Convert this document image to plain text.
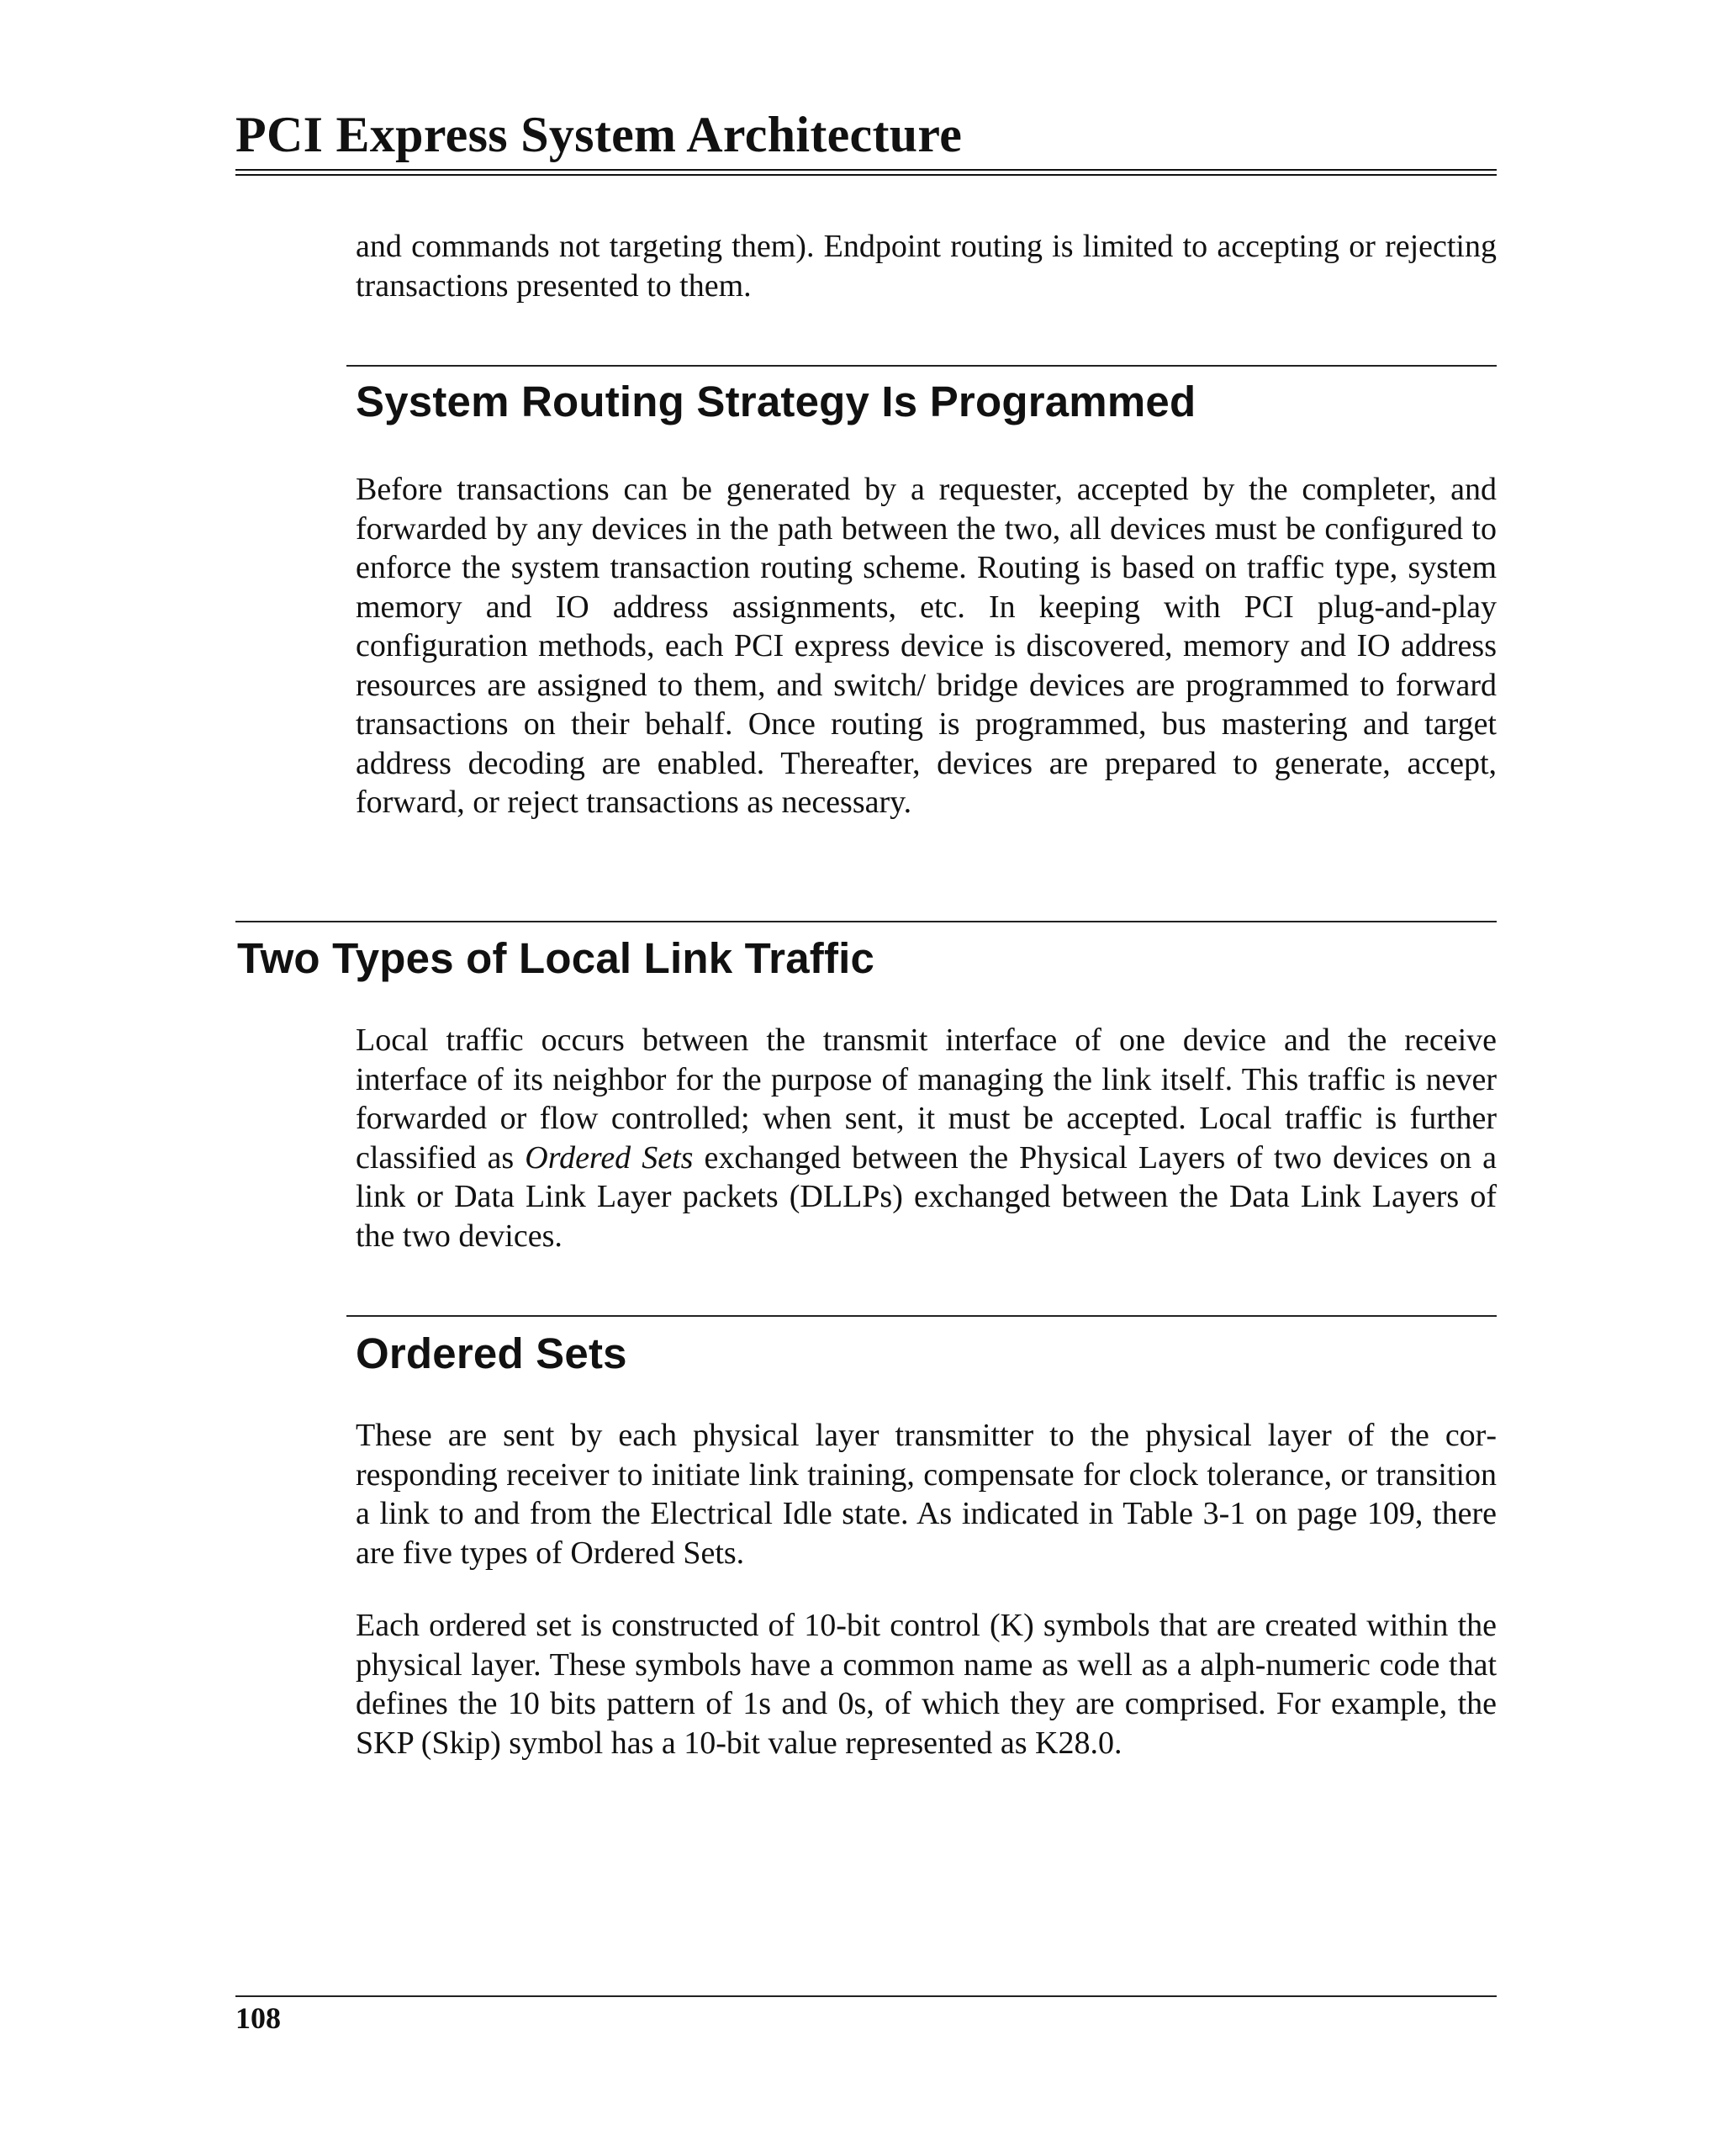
PCI Express System Architecture

and commands not targeting them). Endpoint routing is limited to accepting or rejecting transactions presented to them.

System Routing Strategy Is Programmed

Before transactions can be generated by a requester, accepted by the completer, and forwarded by any devices in the path between the two, all devices must be configured to enforce the system transaction routing scheme. Routing is based on traffic type, system memory and IO address assignments, etc. In keeping with PCI plug-and-play configuration methods, each PCI express device is discovered, memory and IO address resources are assigned to them, and switch/ bridge devices are programmed to forward transactions on their behalf. Once routing is programmed, bus mastering and target address decoding are enabled. Thereafter, devices are prepared to generate, accept, forward, or reject transactions as necessary.

Two Types of Local Link Traffic

Local traffic occurs between the transmit interface of one device and the receive interface of its neighbor for the purpose of managing the link itself. This traffic is never forwarded or flow controlled; when sent, it must be accepted. Local traffic is further classified as Ordered Sets exchanged between the Physical Layers of two devices on a link or Data Link Layer packets (DLLPs) exchanged between the Data Link Layers of the two devices.

Ordered Sets

These are sent by each physical layer transmitter to the physical layer of the corresponding receiver to initiate link training, compensate for clock tolerance, or transition a link to and from the Electrical Idle state. As indicated in Table 3-1 on page 109, there are five types of Ordered Sets.

Each ordered set is constructed of 10-bit control (K) symbols that are created within the physical layer. These symbols have a common name as well as a alph-numeric code that defines the 10 bits pattern of 1s and 0s, of which they are comprised. For example, the SKP (Skip) symbol has a 10-bit value represented as K28.0.

108
